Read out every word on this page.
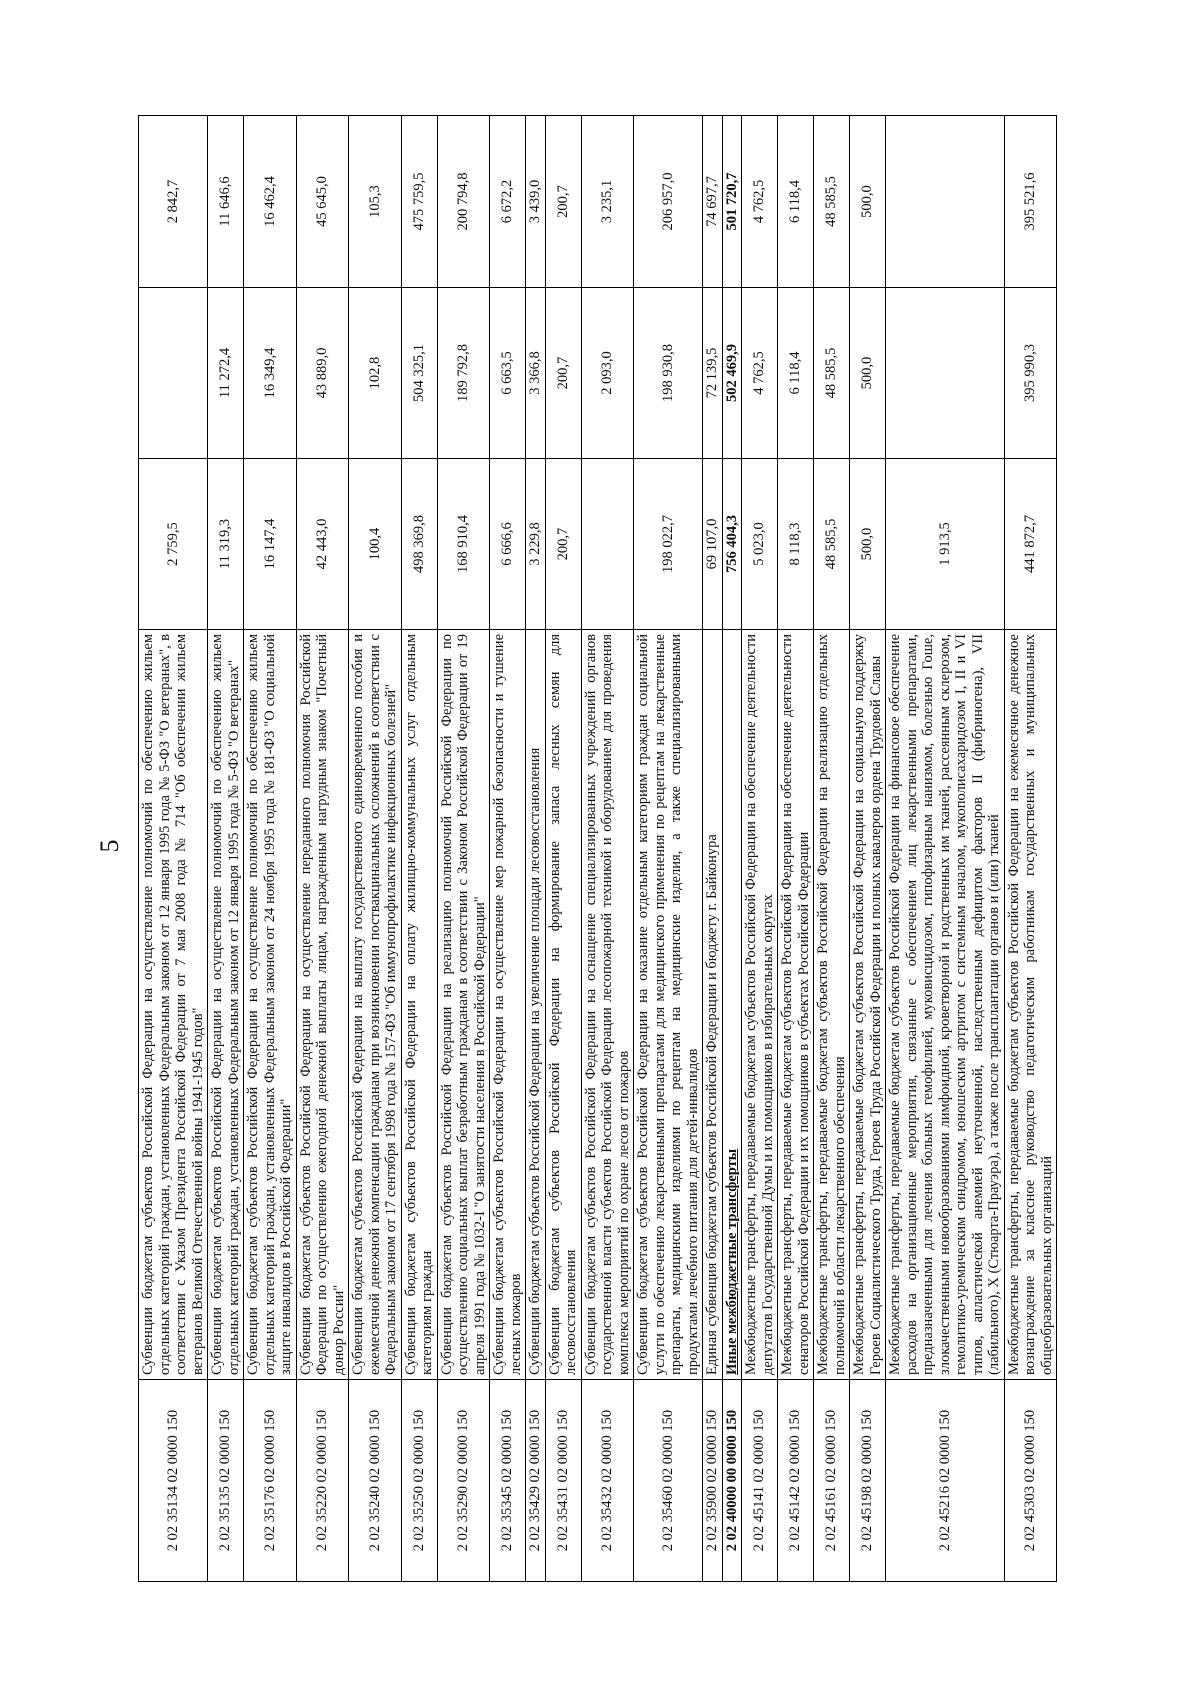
5
2 02 35134 02 0000 150	Субвенции бюджетам субъектов Российской Федерации на осуществление полномочий по обеспечению жильем отдельных категорий граждан, установленных Федеральным законом от 12 января 1995 года № 5-ФЗ "О ветеранах", в соответствии с Указом Президента Российской Федерации от 7 мая 2008 года № 714 "Об обеспечении жильем ветеранов Великой Отечественной войны 1941-1945 годов"	2 759,5		2 842,7
2 02 35135 02 0000 150	Субвенции бюджетам субъектов Российской Федерации на осуществление полномочий по обеспечению жильем отдельных категорий граждан, установленных Федеральным законом от 12 января 1995 года № 5-ФЗ "О ветеранах"	11 319,3	11 272,4	11 646,6
2 02 35176 02 0000 150	Субвенции бюджетам субъектов Российской Федерации на осуществление полномочий по обеспечению жильем отдельных категорий граждан, установленных Федеральным законом от 24 ноября 1995 года № 181-ФЗ "О социальной защите инвалидов в Российской Федерации"	16 147,4	16 349,4	16 462,4
2 02 35220 02 0000 150	Субвенции бюджетам субъектов Российской Федерации на осуществление переданного полномочия Российской Федерации по осуществлению ежегодной денежной выплаты лицам, награжденным нагрудным знаком "Почетный донор России"	42 443,0	43 889,0	45 645,0
2 02 35240 02 0000 150	Субвенции бюджетам субъектов Российской Федерации на выплату государственного единовременного пособия и ежемесячной денежной компенсации гражданам при возникновении поствакцинальных осложнений в соответствии с Федеральным законом от 17 сентября 1998 года № 157-ФЗ "Об иммунопрофилактике инфекционных болезней"	100,4	102,8	105,3
2 02 35250 02 0000 150	Субвенции бюджетам субъектов Российской Федерации на оплату жилищно-коммунальных услуг отдельным категориям граждан	498 369,8	504 325,1	475 759,5
2 02 35290 02 0000 150	Субвенции бюджетам субъектов Российской Федерации на реализацию полномочий Российской Федерации по осуществлению социальных выплат безработным гражданам в соответствии с Законом Российской Федерации от 19 апреля 1991 года № 1032-I "О занятости населения в Российской Федерации"	168 910,4	189 792,8	200 794,8
2 02 35345 02 0000 150	Субвенции бюджетам субъектов Российской Федерации на осуществление мер пожарной безопасности и тушение лесных пожаров	6 666,6	6 663,5	6 672,2
2 02 35429 02 0000 150	Субвенции бюджетам субъектов Российской Федерации на увеличение площади лесовосстановления	3 229,8	3 366,8	3 439,0
2 02 35431 02 0000 150	Субвенции бюджетам субъектов Российской Федерации на формирование запаса лесных семян для лесовосстановления	200,7	200,7	200,7
2 02 35432 02 0000 150	Субвенции бюджетам субъектов Российской Федерации на оснащение специализированных учреждений органов государственной власти субъектов Российской Федерации лесопожарной техникой и оборудованием для проведения комплекса мероприятий по охране лесов от пожаров		2 093,0	3 235,1
2 02 35460 02 0000 150	Субвенции бюджетам субъектов Российской Федерации на оказание отдельным категориям граждан социальной услуги по обеспечению лекарственными препаратами для медицинского применения по рецептам на лекарственные препараты, медицинскими изделиями по рецептам на медицинские изделия, а также специализированными продуктами лечебного питания для детей-инвалидов	198 022,7	198 930,8	206 957,0
2 02 35900 02 0000 150	Единая субвенция бюджетам субъектов Российской Федерации и бюджету г. Байконура	69 107,0	72 139,5	74 697,7
2 02 40000 00 0000 150	Иные межбюджетные трансферты	756 404,3	502 469,9	501 720,7
2 02 45141 02 0000 150	Межбюджетные трансферты, передаваемые бюджетам субъектов Российской Федерации на обеспечение деятельности депутатов Государственной Думы и их помощников в избирательных округах	5 023,0	4 762,5	4 762,5
2 02 45142 02 0000 150	Межбюджетные трансферты, передаваемые бюджетам субъектов Российской Федерации на обеспечение деятельности сенаторов Российской Федерации и их помощников в субъектах Российской Федерации	8 118,3	6 118,4	6 118,4
2 02 45161 02 0000 150	Межбюджетные трансферты, передаваемые бюджетам субъектов Российской Федерации на реализацию отдельных полномочий в области лекарственного обеспечения	48 585,5	48 585,5	48 585,5
2 02 45198 02 0000 150	Межбюджетные трансферты, передаваемые бюджетам субъектов Российской Федерации на социальную поддержку Героев Социалистического Труда, Героев Труда Российской Федерации и полных кавалеров ордена Трудовой Славы	500,0	500,0	500,0
2 02 45216 02 0000 150	Межбюджетные трансферты, передаваемые бюджетам субъектов Российской Федерации на финансовое обеспечение расходов на организационные мероприятия, связанные с обеспечением лиц лекарственными препаратами, предназначенными для лечения больных гемофилией, муковисцидозом, гипофизарным нанизмом, болезнью Гоше, злокачественными новообразованиями лимфоидной, кроветворной и родственных им тканей, рассеянным склерозом, гемолитико-уремическим синдромом, юношеским артритом с системным началом, мукополисахаридозом I, II и VI типов, апластической анемией неуточненной, наследственным дефицитом факторов II (фибриногена), VII (лабильного), X (Стюарта-Прауэра), а также после трансплантации органов и (или) тканей	1 913,5		
2 02 45303 02 0000 150	Межбюджетные трансферты, передаваемые бюджетам субъектов Российской Федерации на ежемесячное денежное вознаграждение за классное руководство педагогическим работникам государственных и муниципальных общеобразовательных организаций	441 872,7	395 990,3	395 521,6
